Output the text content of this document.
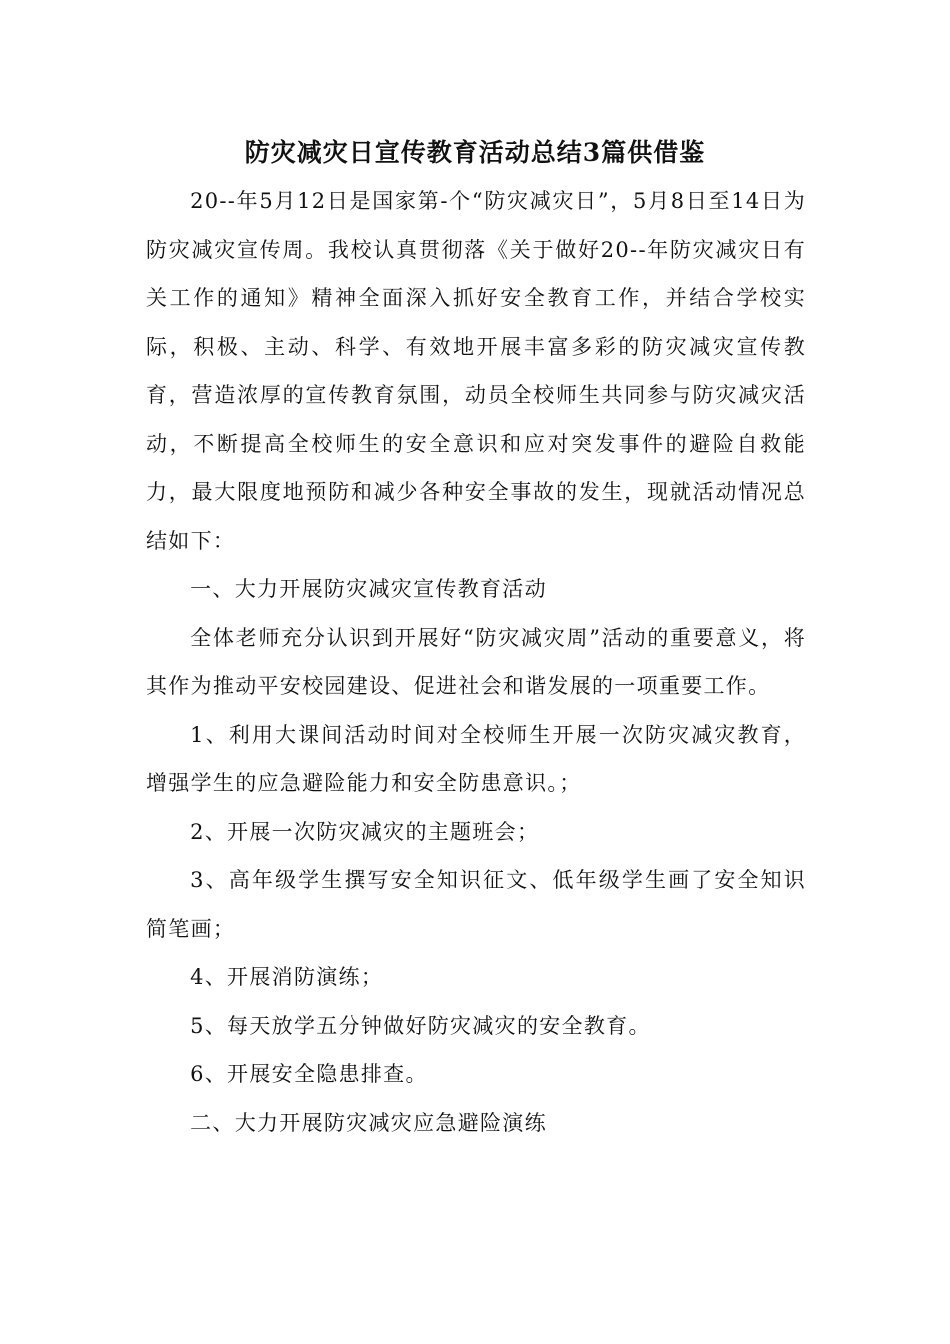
防灾减灾日宣传教育活动总结3篇供借鉴

20--年5月12日是国家第-个“防灾减灾日”，5月8日至14日为防灾减灾宣传周。我校认真贯彻落《关于做好20--年防灾减灾日有关工作的通知》精神全面深入抓好安全教育工作，并结合学校实际，积极、主动、科学、有效地开展丰富多彩的防灾减灾宣传教育，营造浓厚的宣传教育氛围，动员全校师生共同参与防灾减灾活动，不断提高全校师生的安全意识和应对突发事件的避险自救能力，最大限度地预防和减少各种安全事故的发生，现就活动情况总结如下：

一、大力开展防灾减灾宣传教育活动

全体老师充分认识到开展好“防灾减灾周”活动的重要意义，将其作为推动平安校园建设、促进社会和谐发展的一项重要工作。

1、利用大课间活动时间对全校师生开展一次防灾减灾教育，增强学生的应急避险能力和安全防患意识。；

2、开展一次防灾减灾的主题班会；

3、高年级学生撰写安全知识征文、低年级学生画了安全知识简笔画；

4、开展消防演练；

5、每天放学五分钟做好防灾减灾的安全教育。

6、开展安全隐患排查。

二、大力开展防灾减灾应急避险演练
